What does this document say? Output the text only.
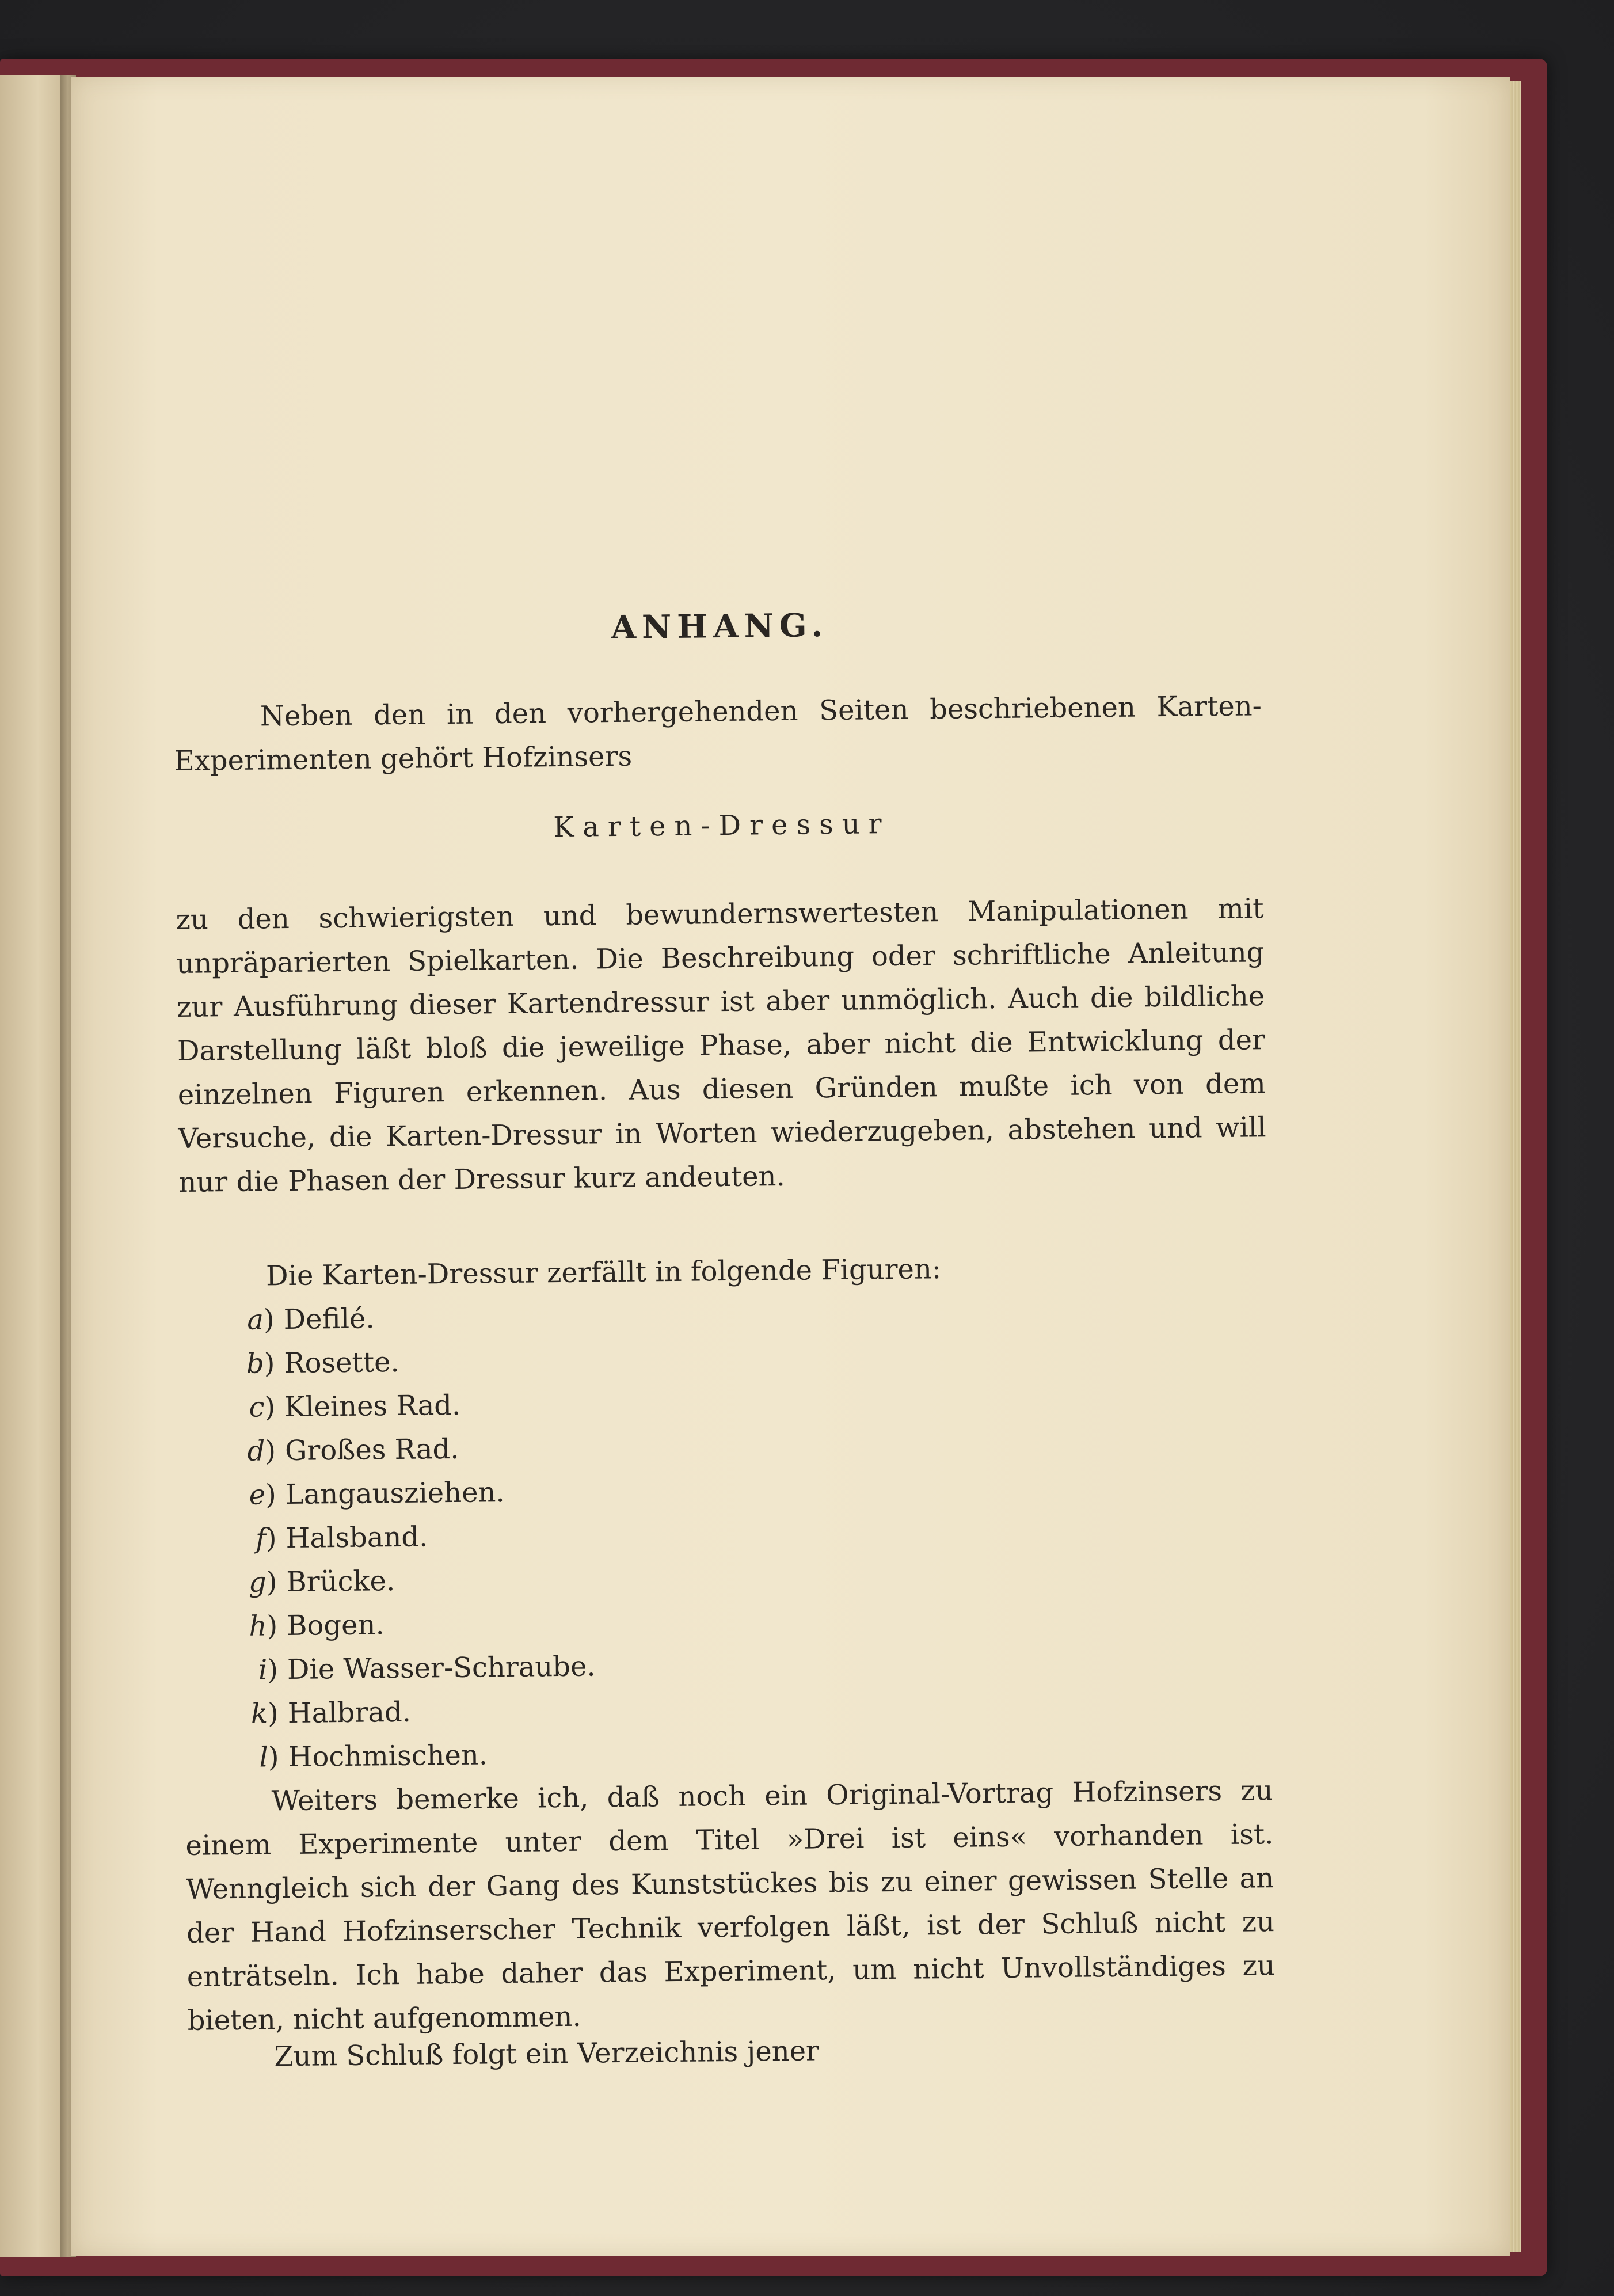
ANHANG.
Neben den in den vorhergehenden Seiten beschriebenen Karten-Experimenten gehört Hofzinsers
Karten-Dressur
zu den schwierigsten und bewundernswertesten Manipulationen mit unpräparierten Spielkarten. Die Beschreibung oder schriftliche Anleitung zur Ausführung dieser Kartendressur ist aber unmöglich. Auch die bildliche Darstellung läßt bloß die jeweilige Phase, aber nicht die Entwicklung der einzelnen Figuren erkennen. Aus diesen Gründen mußte ich von dem Versuche, die Karten-Dressur in Worten wiederzugeben, abstehen und will nur die Phasen der Dressur kurz andeuten.
Die Karten-Dressur zerfällt in folgende Figuren:
a) Defilé.
b) Rosette.
c) Kleines Rad.
d) Großes Rad.
e) Langausziehen.
f) Halsband.
g) Brücke.
h) Bogen.
i) Die Wasser-Schraube.
k) Halbrad.
l) Hochmischen.
Weiters bemerke ich, daß noch ein Original-Vortrag Hofzinsers zu einem Experimente unter dem Titel »Drei ist eins« vorhanden ist. Wenngleich sich der Gang des Kunststückes bis zu einer gewissen Stelle an der Hand Hofzinserscher Technik verfolgen läßt, ist der Schluß nicht zu enträtseln. Ich habe daher das Experiment, um nicht Unvollständiges zu bieten, nicht aufgenommen.
Zum Schluß folgt ein Verzeichnis jener
